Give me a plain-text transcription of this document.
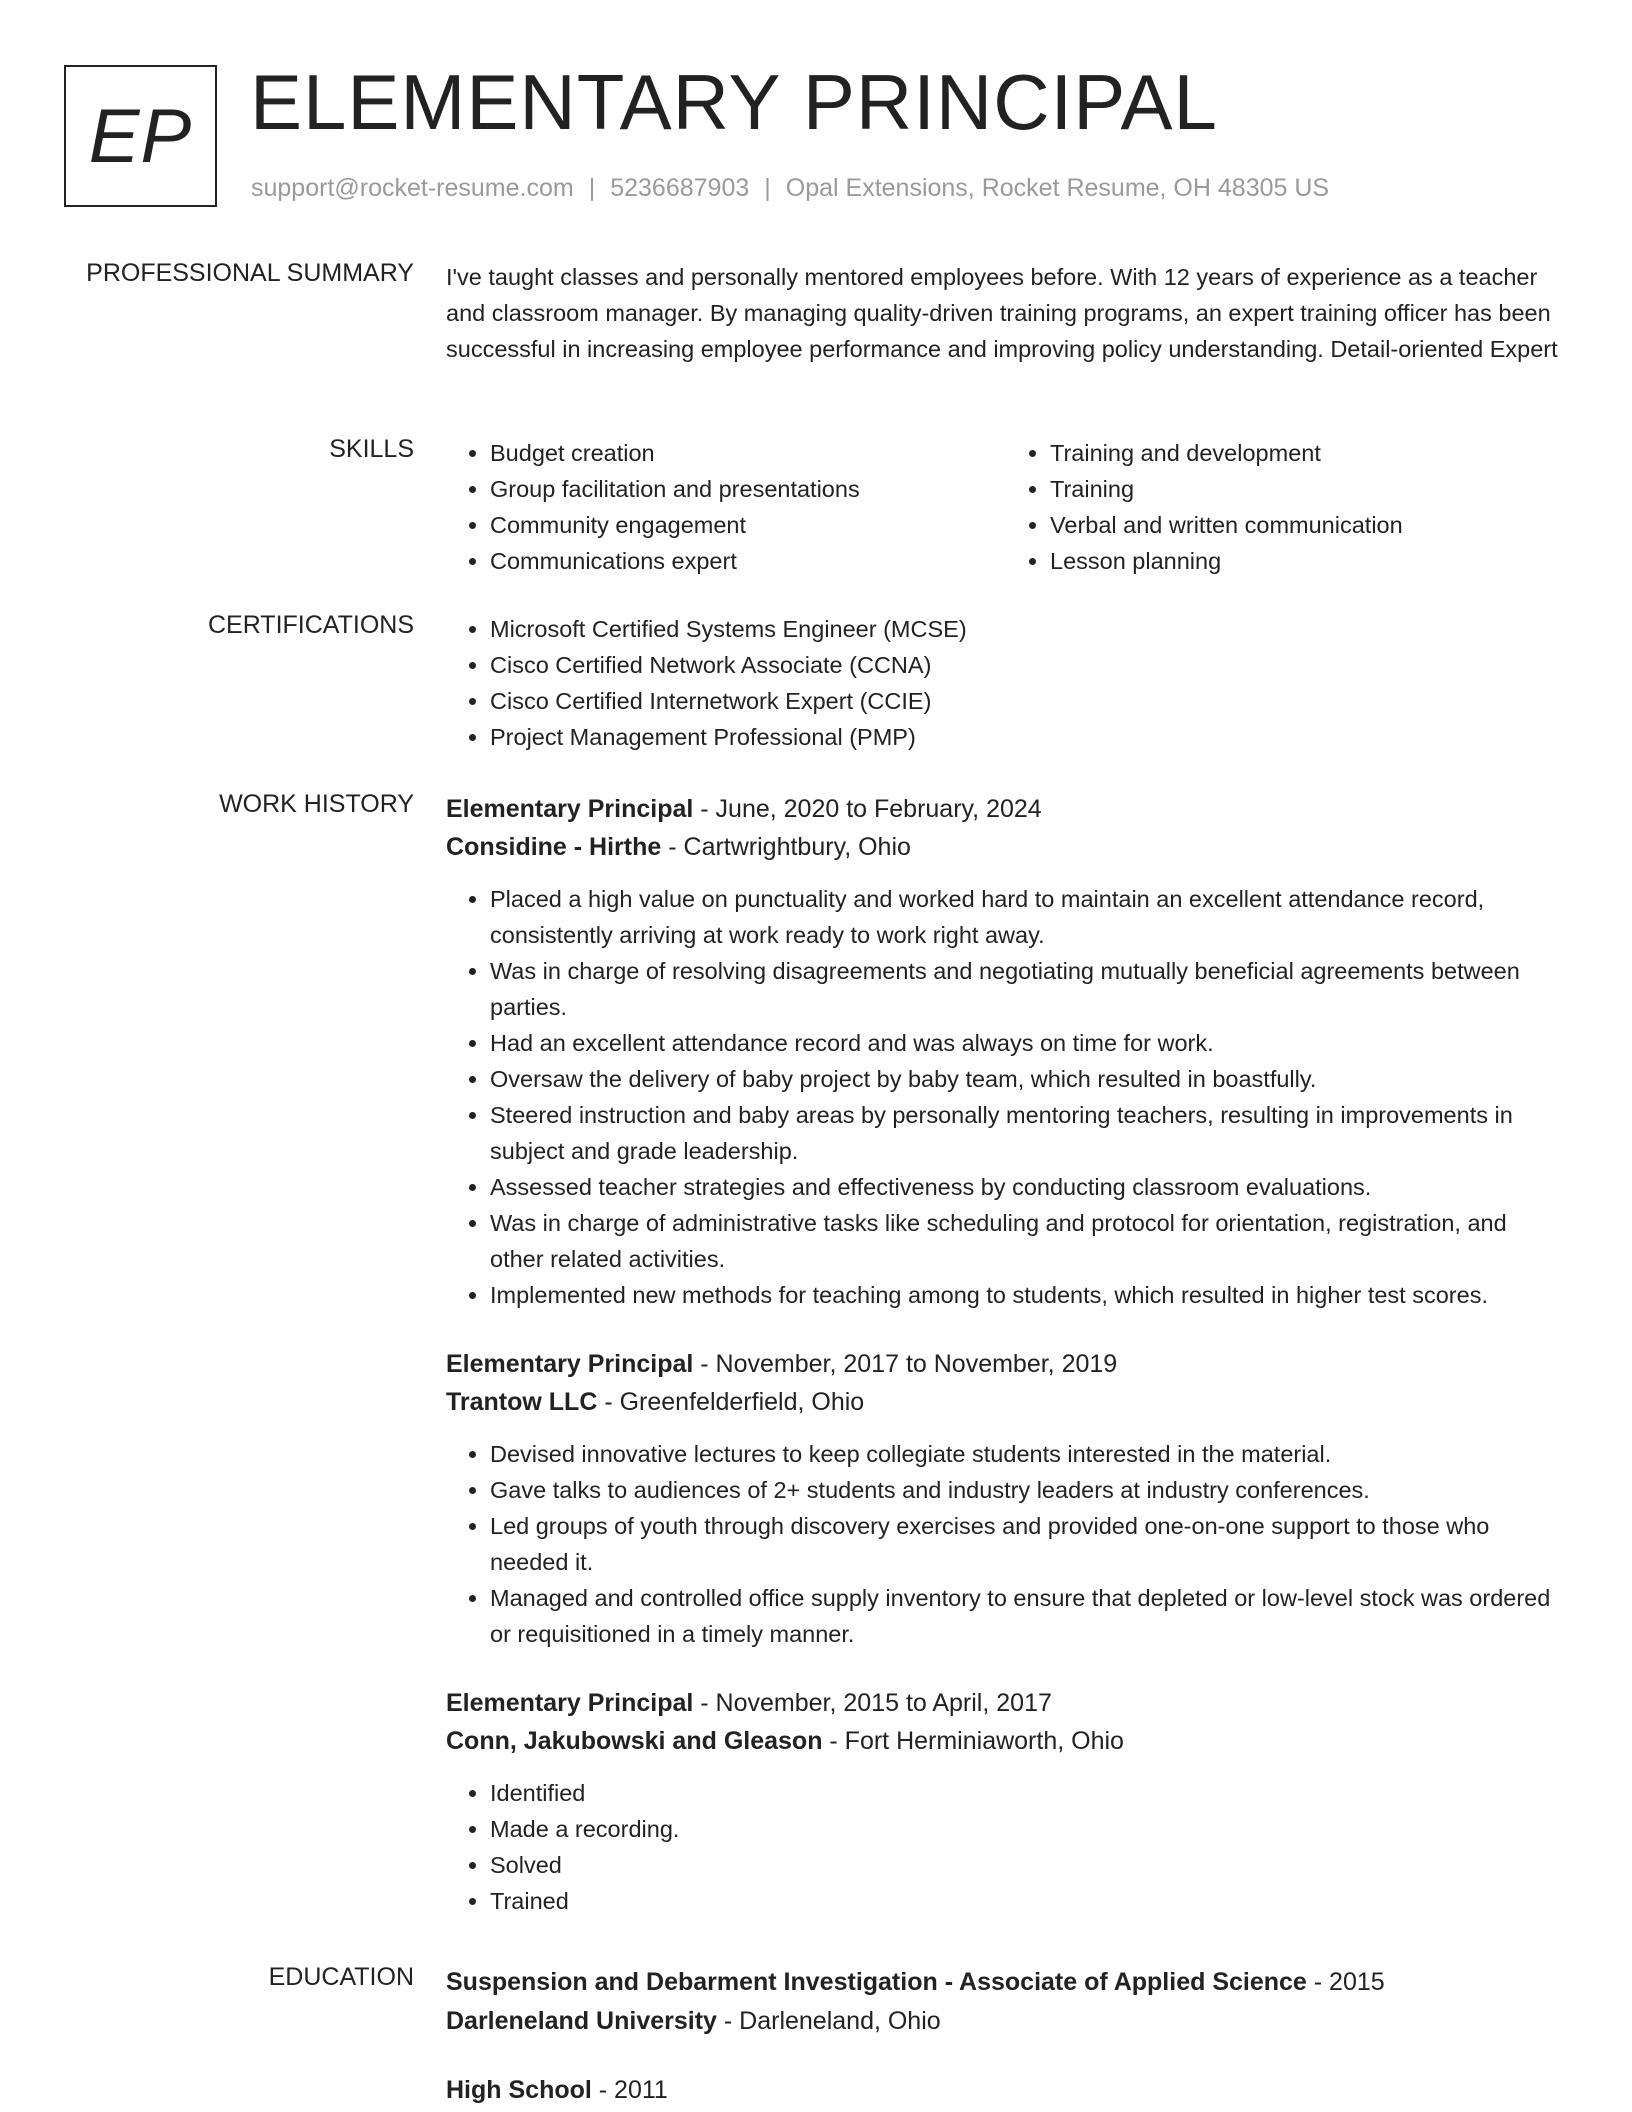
EP ELEMENTARY PRINCIPAL
support@rocket-resume.com | 5236687903 | Opal Extensions, Rocket Resume, OH 48305 US
PROFESSIONAL SUMMARY I've taught classes and personally mentored employees before. With 12 years of experience as a teacher and classroom manager. By managing quality-driven training programs, an expert training officer has been successful in increasing employee performance and improving policy understanding. Detail-oriented Expert
SKILLS	• Budget creation
• Group facilitation and presentations
• Community engagement
• Communications expert
• Training and development
• Training
• Verbal and written communication
• Lesson planning
CERTIFICATIONS	• Microsoft Certified Systems Engineer (MCSE)
• Cisco Certified Network Associate (CCNA)
• Cisco Certified Internetwork Expert (CCIE)
• Project Management Professional (PMP)
WORK HISTORY Elementary Principal - June, 2020 to February, 2024
Considine - Hirthe - Cartwrightbury, Ohio
• Placed a high value on punctuality and worked hard to maintain an excellent attendance record, consistently arriving at work ready to work right away.
• Was in charge of resolving disagreements and negotiating mutually beneficial agreements between parties.
• Had an excellent attendance record and was always on time for work.
• Oversaw the delivery of baby project by baby team, which resulted in boastfully.
• Steered instruction and baby areas by personally mentoring teachers, resulting in improvements in subject and grade leadership.
• Assessed teacher strategies and effectiveness by conducting classroom evaluations.
• Was in charge of administrative tasks like scheduling and protocol for orientation, registration, and other related activities.
• Implemented new methods for teaching among to students, which resulted in higher test scores.
Elementary Principal - November, 2017 to November, 2019
Trantow LLC - Greenfelderfield, Ohio
• Devised innovative lectures to keep collegiate students interested in the material.
• Gave talks to audiences of 2+ students and industry leaders at industry conferences.
• Led groups of youth through discovery exercises and provided one-on-one support to those who needed it.
• Managed and controlled office supply inventory to ensure that depleted or low-level stock was ordered or requisitioned in a timely manner.
Elementary Principal - November, 2015 to April, 2017
Conn, Jakubowski and Gleason - Fort Herminiaworth, Ohio
• Identified
• Made a recording.
• Solved
• Trained
EDUCATION Suspension and Debarment Investigation - Associate of Applied Science - 2015
Darleneland University - Darleneland, Ohio
High School - 2011
